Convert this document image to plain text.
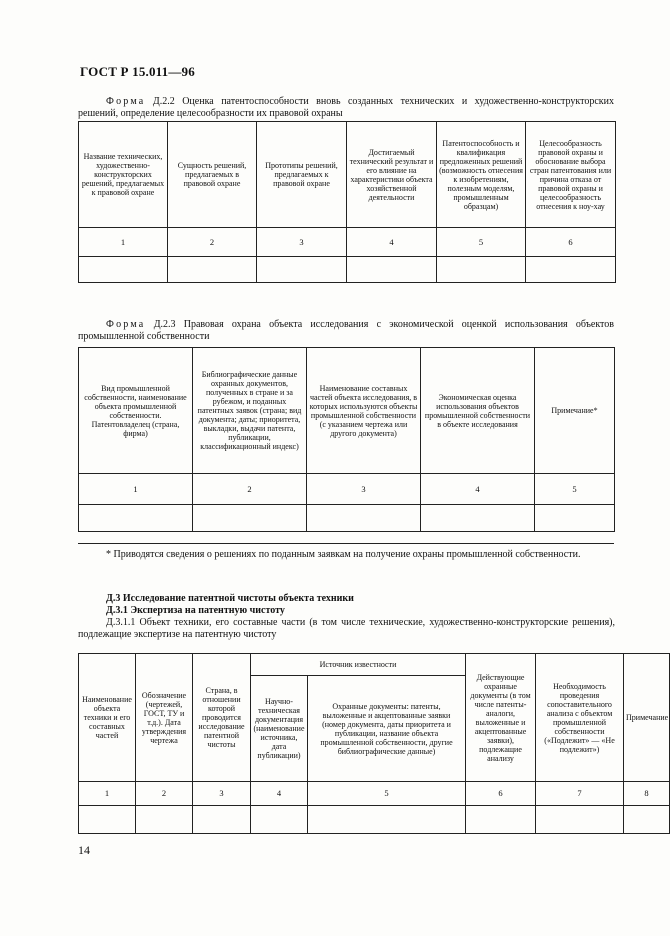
ГОСТ Р 15.011—96
Форма Д.2.2 Оценка патентоспособности вновь созданных технических и художественно-конструкторских решений, определение целесообразности их правовой охраны
Название технических, художественно-конструкторских решений, предлагаемых к правовой охране	Сущность решений, предлагаемых в правовой охране	Прототипы решений, предлагаемых к правовой охране	Достигаемый технический результат и его влияние на характеристики объекта хозяйственной деятельности	Патентоспособность и квалификация предложенных решений (возможность отнесения к изобретениям, полезным моделям, промышленным образцам)	Целесообразность правовой охраны и обоснование выбора стран патентования или причина отказа от правовой охраны и целесообразность отнесения к ноу-хау
1	2	3	4	5	6

Форма Д.2.3 Правовая охрана объекта исследования с экономической оценкой использования объектов промышленной собственности
Вид промышленной собственности, наименование объекта промышленной собственности. Патентовладелец (страна, фирма)	Библиографические данные охранных документов, полученных в стране и за рубежом, и поданных патентных заявок (страна; вид документа; даты; приоритета, выкладки, выдачи патента, публикации, классификационный индекс)	Наименование составных частей объекта исследования, в которых используются объекты промышленной собственности (с указанием чертежа или другого документа)	Экономическая оценка использования объектов промышленной собственности в объекте исследования	Примечание*
1	2	3	4	5

* Приводятся сведения о решениях по поданным заявкам на получение охраны промышленной собственности.
Д.3 Исследование патентной чистоты объекта техники
Д.3.1 Экспертиза на патентную чистоту
Д.3.1.1 Объект техники, его составные части (в том числе технические, художественно-конструкторские решения), подлежащие экспертизе на патентную чистоту
Наименование объекта техники и его составных частей	Обозначение (чертежей, ГОСТ, ТУ и т.д.). Дата утверждения чертежа	Страна, в отношении которой проводится исследование патентной чистоты	Источник известности		Действующие охранные документы (в том числе патенты-аналоги, выложенные и акцептованные заявки), подлежащие анализу	Необходимость проведения сопоставительного анализа с объектом промышленной собственности («Подлежит» — «Не подлежит»)	Примечание
			Научно-техническая документация (наименование источника, дата публикации)	Охранные документы: патенты, выложенные и акцептованные заявки (номер документа, даты приоритета и публикации, название объекта промышленной собственности, другие библиографические данные)			
1	2	3	4	5	6	7	8

14
